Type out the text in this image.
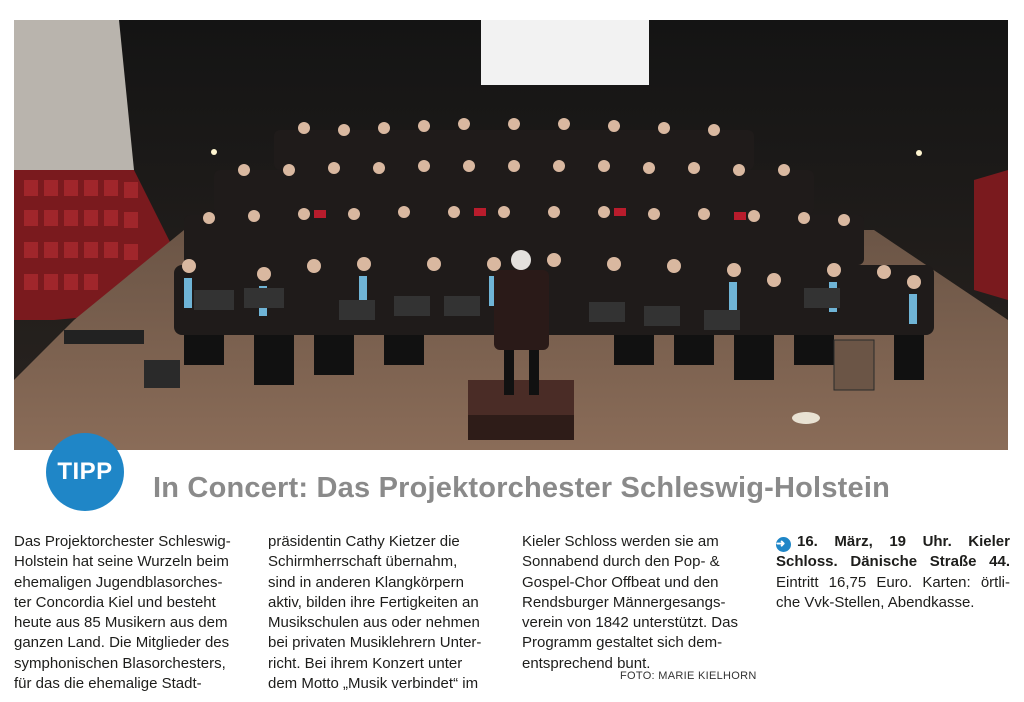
TIPP
In Concert: Das Projektorchester Schleswig-Holstein
Das Projektorchester Schleswig-
Holstein hat seine Wurzeln beim
ehemaligen Jugendblasorches-
ter Concordia Kiel und besteht
heute aus 85 Musikern aus dem
ganzen Land. Die Mitglieder des
symphonischen Blasorchesters,
für das die ehemalige Stadt-
präsidentin Cathy Kietzer die
Schirmherrschaft übernahm,
sind in anderen Klangkörpern
aktiv, bilden ihre Fertigkeiten an
Musikschulen aus oder nehmen
bei privaten Musiklehrern Unter-
richt. Bei ihrem Konzert unter
dem Motto „Musik verbindet“ im
Kieler Schloss werden sie am
Sonnabend durch den Pop- &
Gospel-Chor Offbeat und den
Rendsburger Männergesangs-
verein von 1842 unterstützt. Das
Programm gestaltet sich dem-
entsprechend bunt.
FOTO: MARIE KIELHORN
➜ 16. März, 19 Uhr. Kieler
Schloss. Dänische Straße 44.
Eintritt 16,75 Euro. Karten: örtli-
che Vvk-Stellen, Abendkasse.
